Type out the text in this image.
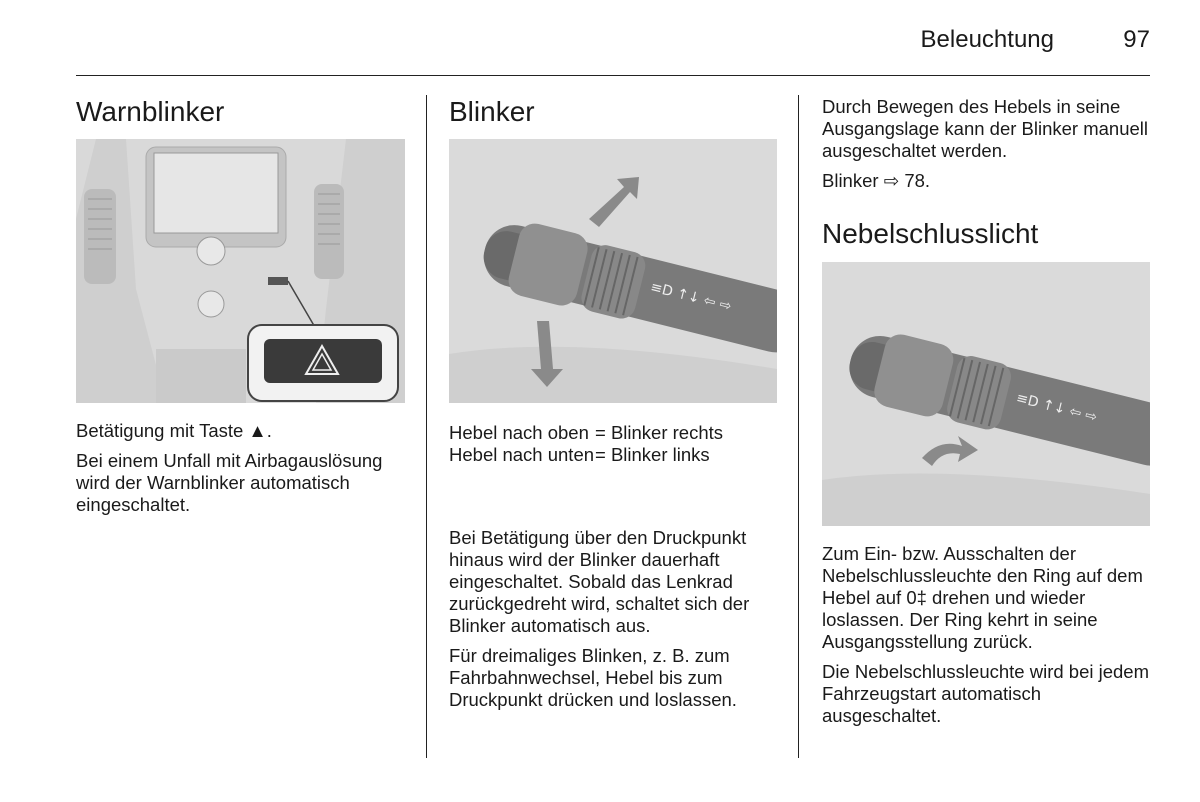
Beleuchtung	97
Warnblinker

Betätigung mit Taste ▲.

Bei einem Unfall mit Airbagauslösung wird der Warnblinker automatisch eingeschaltet.

Blinker
≡D ↑↓ ⇦ ⇨
Hebel nach oben	= Blinker rechts
Hebel nach unten	= Blinker links

Bei Betätigung über den Druckpunkt hinaus wird der Blinker dauerhaft eingeschaltet. Sobald das Lenkrad zurückgedreht wird, schaltet sich der Blinker automatisch aus.

Für dreimaliges Blinken, z. B. zum Fahrbahnwechsel, Hebel bis zum Druckpunkt drücken und loslassen.

Durch Bewegen des Hebels in seine Ausgangslage kann der Blinker manuell ausgeschaltet werden.

Blinker ⇨ 78.

Nebelschlusslicht
≡D ↑↓ ⇦ ⇨

Zum Ein- bzw. Ausschalten der Nebelschlussleuchte den Ring auf dem Hebel auf 0‡ drehen und wieder loslassen. Der Ring kehrt in seine Ausgangsstellung zurück.

Die Nebelschlussleuchte wird bei jedem Fahrzeugstart automatisch ausgeschaltet.
